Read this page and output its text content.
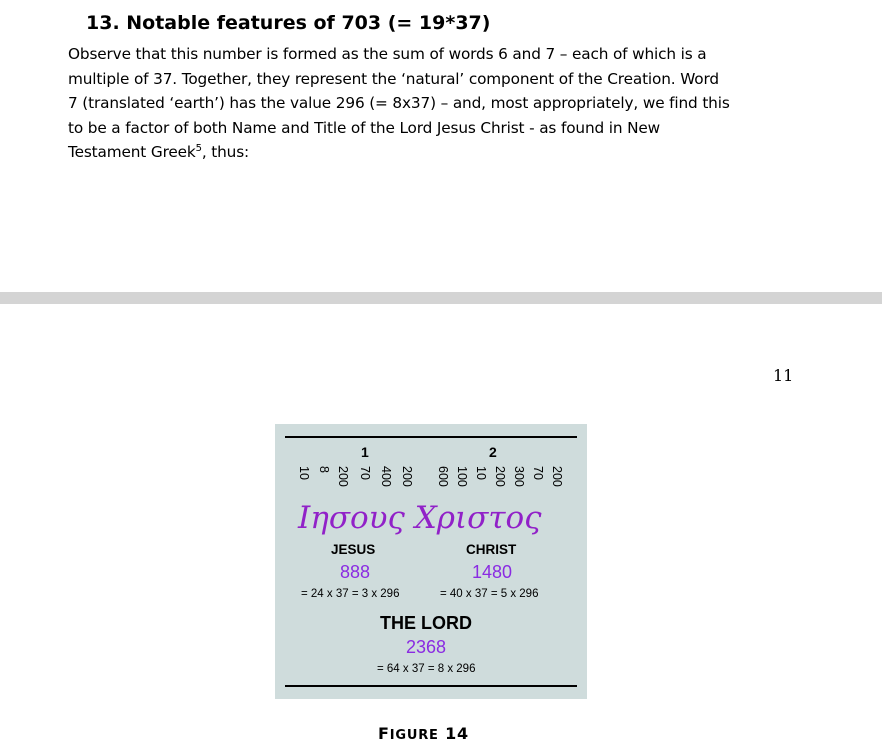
13. Notable features of 703 (= 19*37)
Observe that this number is formed as the sum of words 6 and 7 – each of which is a
multiple of 37. Together, they represent the ‘natural’ component of the Creation. Word
7 (translated ‘earth’) has the value 296 (= 8x37) – and, most appropriately, we find this
to be a factor of both Name and Title of the Lord Jesus Christ - as found in New
Testament Greek$^5$, thus:
11
1	2
10 8 200 70 400 200 600 100 10 200 300 70 200
Ιησους Χριστος
JESUS	CHRIST
888	1480
= 24 x 37 = 3 x 296	= 40 x 37 = 5 x 296
THE LORD
2368
= 64 x 37 = 8 x 296
FIGURE 14
